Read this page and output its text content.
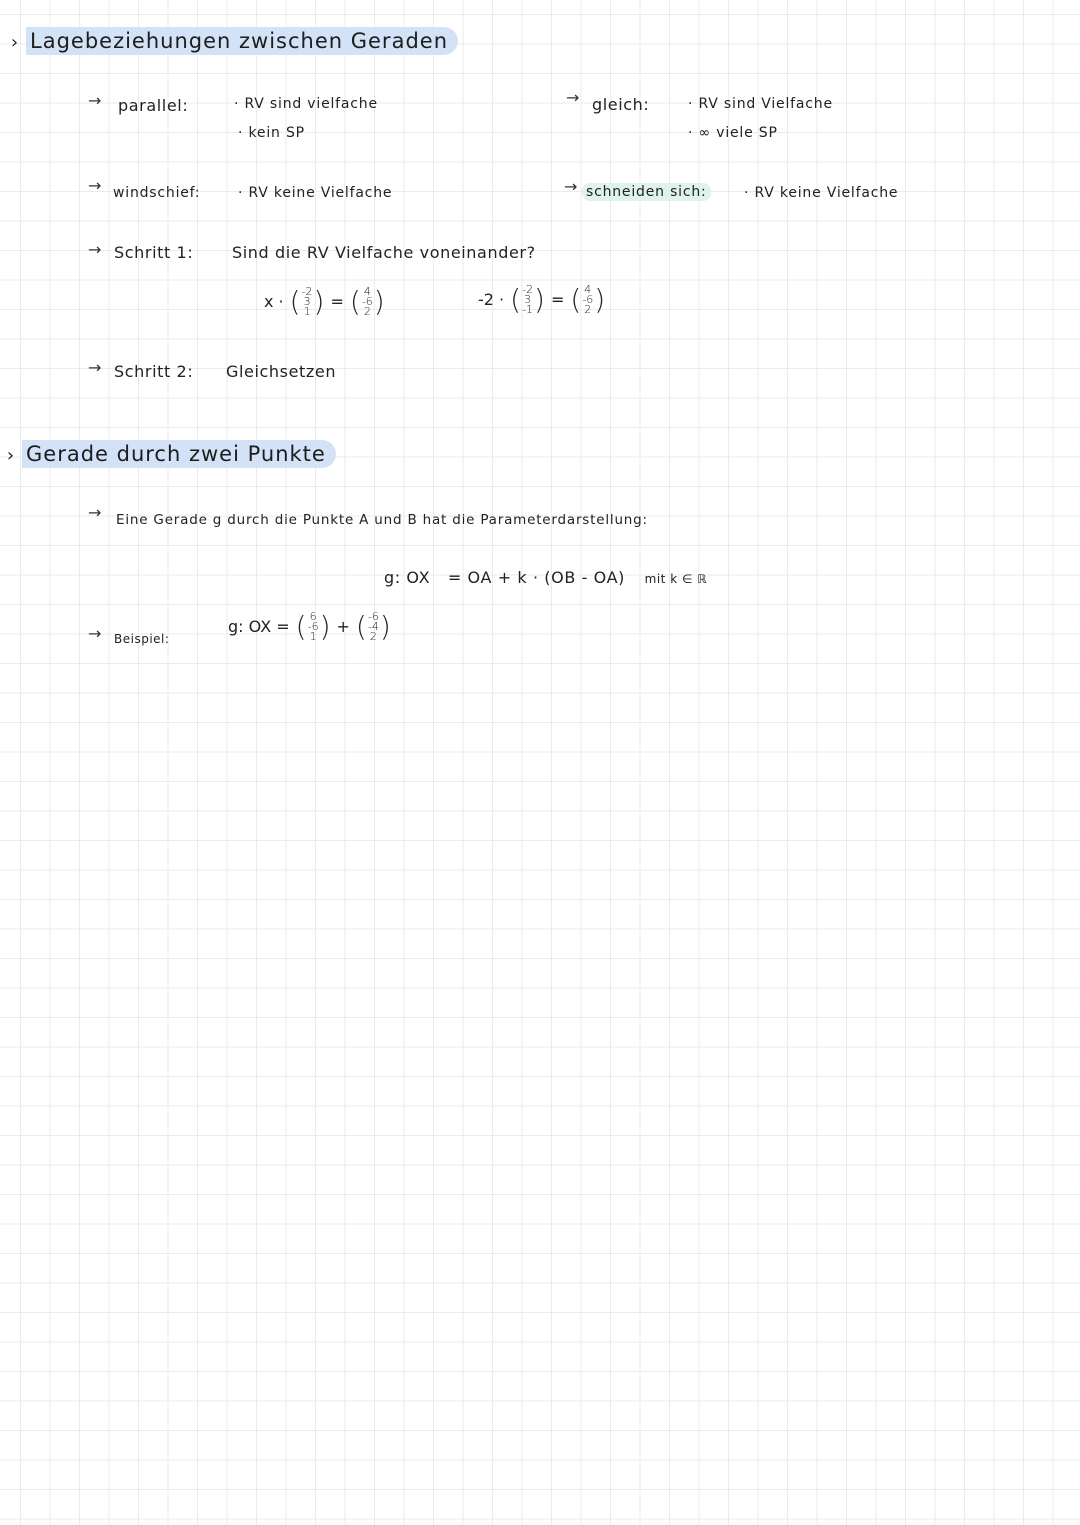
› Lagebeziehungen zwischen Geraden
→ parallel:	· RV sind vielfache
· kein SP
→ gleich:	· RV sind Vielfache
· ∞ viele SP
→ windschief:	· RV keine Vielfache	→ schneiden sich:	· RV keine Vielfache
→ Schritt 1: Sind die RV Vielfache voneinander?
x · ( -2
3
1 ) = ( 4
-6
2 )	-2 · ( -2
3
-1 ) = ( 4
-6
2 )
→ Schritt 2: Gleichsetzen
› Gerade durch zwei Punkte
→ Eine Gerade g durch die Punkte A und B hat die Parameterdarstellung:
g: OX = OA + k · (OB - OA) mit k ∈ ℝ
→ Beispiel:
g: OX = ( 6
-6
1 ) + ( -6
-4
2 )
